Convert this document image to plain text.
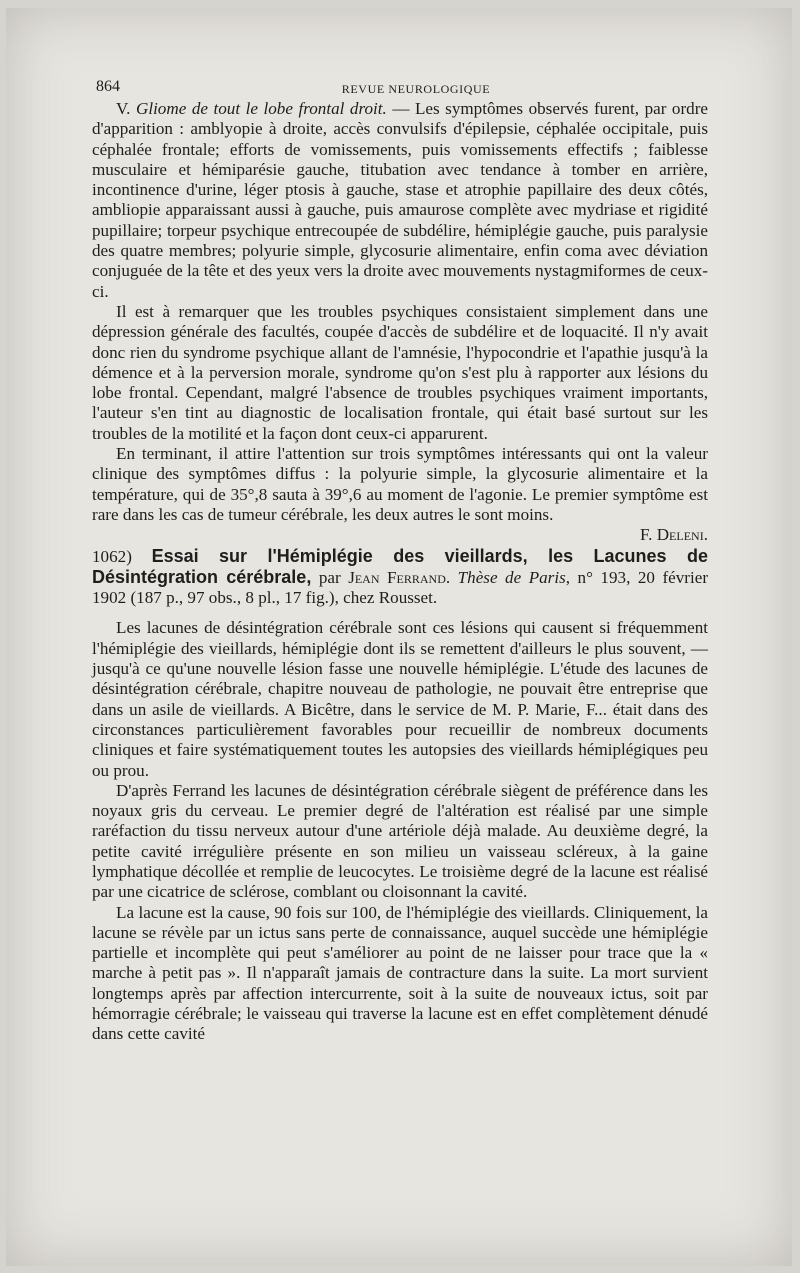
864	REVUE NEUROLOGIQUE

V. Gliome de tout le lobe frontal droit. — Les symptômes observés furent, par ordre d'apparition : amblyopie à droite, accès convulsifs d'épilepsie, céphalée occipitale, puis céphalée frontale; efforts de vomissements, puis vomissements effectifs ; faiblesse musculaire et hémiparésie gauche, titubation avec tendance à tomber en arrière, incontinence d'urine, léger ptosis à gauche, stase et atrophie papillaire des deux côtés, ambliopie apparaissant aussi à gauche, puis amaurose complète avec mydriase et rigidité pupillaire; torpeur psychique entrecoupée de subdélire, hémiplégie gauche, puis paralysie des quatre membres; polyurie simple, glycosurie alimentaire, enfin coma avec déviation conjuguée de la tête et des yeux vers la droite avec mouvements nystagmiformes de ceux-ci.

Il est à remarquer que les troubles psychiques consistaient simplement dans une dépression générale des facultés, coupée d'accès de subdélire et de loquacité. Il n'y avait donc rien du syndrome psychique allant de l'amnésie, l'hypocondrie et l'apathie jusqu'à la démence et à la perversion morale, syndrome qu'on s'est plu à rapporter aux lésions du lobe frontal. Cependant, malgré l'absence de troubles psychiques vraiment importants, l'auteur s'en tint au diagnostic de localisation frontale, qui était basé surtout sur les troubles de la motilité et la façon dont ceux-ci apparurent.

En terminant, il attire l'attention sur trois symptômes intéressants qui ont la valeur clinique des symptômes diffus : la polyurie simple, la glycosurie alimentaire et la température, qui de 35°,8 sauta à 39°,6 au moment de l'agonie. Le premier symptôme est rare dans les cas de tumeur cérébrale, les deux autres le sont moins.

F. Deleni.

1062) Essai sur l'Hémiplégie des vieillards, les Lacunes de Désintégration cérébrale, par Jean Ferrand. Thèse de Paris, n° 193, 20 février 1902 (187 p., 97 obs., 8 pl., 17 fig.), chez Rousset.

Les lacunes de désintégration cérébrale sont ces lésions qui causent si fréquemment l'hémiplégie des vieillards, hémiplégie dont ils se remettent d'ailleurs le plus souvent, — jusqu'à ce qu'une nouvelle lésion fasse une nouvelle hémiplégie. L'étude des lacunes de désintégration cérébrale, chapitre nouveau de pathologie, ne pouvait être entreprise que dans un asile de vieillards. A Bicêtre, dans le service de M. P. Marie, F... était dans des circonstances particulièrement favorables pour recueillir de nombreux documents cliniques et faire systématiquement toutes les autopsies des vieillards hémiplégiques peu ou prou.

D'après Ferrand les lacunes de désintégration cérébrale siègent de préférence dans les noyaux gris du cerveau. Le premier degré de l'altération est réalisé par une simple raréfaction du tissu nerveux autour d'une artériole déjà malade. Au deuxième degré, la petite cavité irrégulière présente en son milieu un vaisseau scléreux, à la gaine lymphatique décollée et remplie de leucocytes. Le troisième degré de la lacune est réalisé par une cicatrice de sclérose, comblant ou cloisonnant la cavité.

La lacune est la cause, 90 fois sur 100, de l'hémiplégie des vieillards. Cliniquement, la lacune se révèle par un ictus sans perte de connaissance, auquel succède une hémiplégie partielle et incomplète qui peut s'améliorer au point de ne laisser pour trace que la « marche à petit pas ». Il n'apparaît jamais de contracture dans la suite. La mort survient longtemps après par affection intercurrente, soit à la suite de nouveaux ictus, soit par hémorragie cérébrale; le vaisseau qui traverse la lacune est en effet complètement dénudé dans cette cavité
